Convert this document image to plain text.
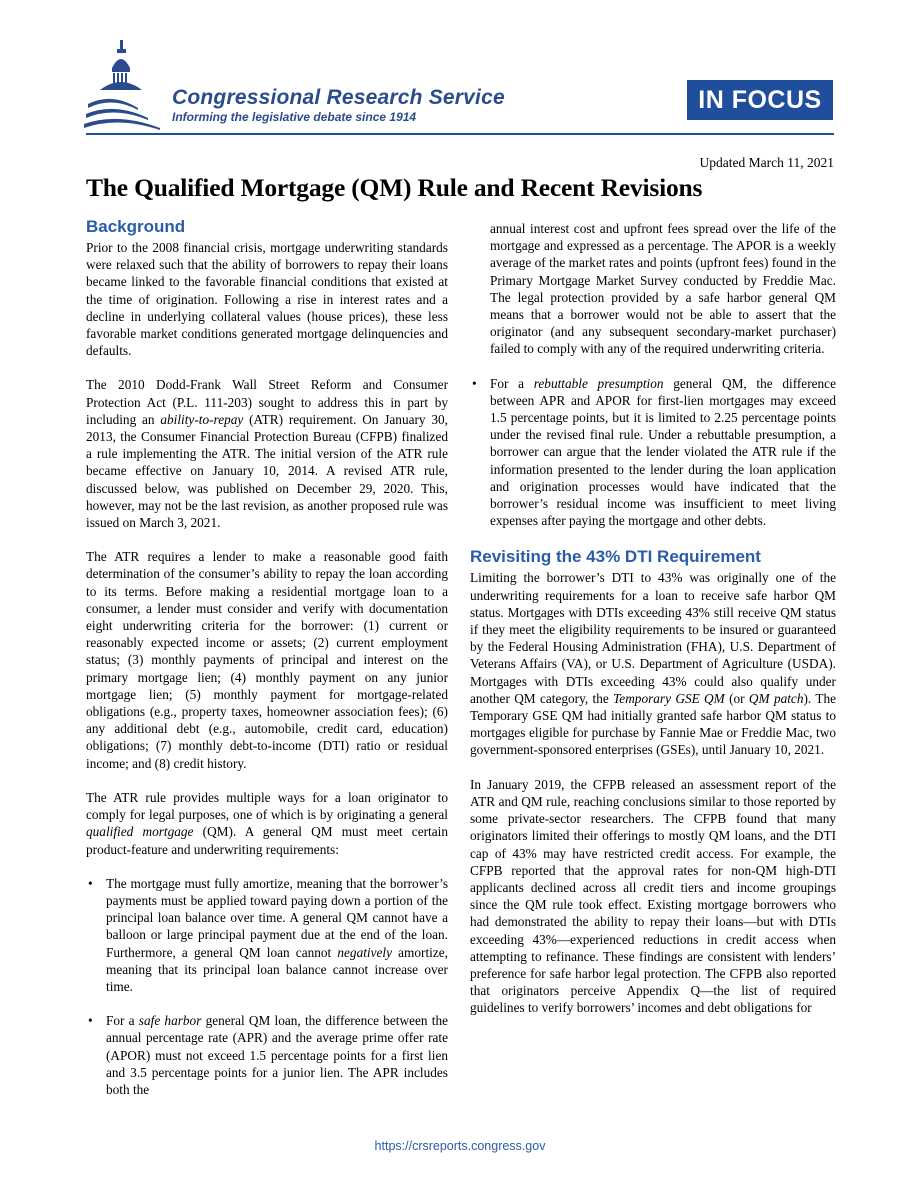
Congressional Research Service
Informing the legislative debate since 1914
IN FOCUS
Updated March 11, 2021
The Qualified Mortgage (QM) Rule and Recent Revisions
Background

Prior to the 2008 financial crisis, mortgage underwriting standards were relaxed such that the ability of borrowers to repay their loans became linked to the favorable financial conditions that existed at the time of origination. Following a rise in interest rates and a decline in underlying collateral values (house prices), these less favorable market conditions generated mortgage delinquencies and defaults.

The 2010 Dodd-Frank Wall Street Reform and Consumer Protection Act (P.L. 111-203) sought to address this in part by including an ability-to-repay (ATR) requirement. On January 30, 2013, the Consumer Financial Protection Bureau (CFPB) finalized a rule implementing the ATR. The initial version of the ATR rule became effective on January 10, 2014. A revised ATR rule, discussed below, was published on December 29, 2020. This, however, may not be the last revision, as another proposed rule was issued on March 3, 2021.

The ATR requires a lender to make a reasonable good faith determination of the consumer’s ability to repay the loan according to its terms. Before making a residential mortgage loan to a consumer, a lender must consider and verify with documentation eight underwriting criteria for the borrower: (1) current or reasonably expected income or assets; (2) current employment status; (3) monthly payments of principal and interest on the primary mortgage lien; (4) monthly payment on any junior mortgage lien; (5) monthly payment for mortgage-related obligations (e.g., property taxes, homeowner association fees); (6) any additional debt (e.g., automobile, credit card, education) obligations; (7) monthly debt-to-income (DTI) ratio or residual income; and (8) credit history.

The ATR rule provides multiple ways for a loan originator to comply for legal purposes, one of which is by originating a general qualified mortgage (QM). A general QM must meet certain product-feature and underwriting requirements:

• The mortgage must fully amortize, meaning that the borrower’s payments must be applied toward paying down a portion of the principal loan balance over time. A general QM cannot have a balloon or large principal payment due at the end of the loan. Furthermore, a general QM loan cannot negatively amortize, meaning that its principal loan balance cannot increase over time.
• For a safe harbor general QM loan, the difference between the annual percentage rate (APR) and the average prime offer rate (APOR) must not exceed 1.5 percentage points for a first lien and 3.5 percentage points for a junior lien. The APR includes both the
annual interest cost and upfront fees spread over the life of the mortgage and expressed as a percentage. The APOR is a weekly average of the market rates and points (upfront fees) found in the Primary Mortgage Market Survey conducted by Freddie Mac. The legal protection provided by a safe harbor general QM means that a borrower would not be able to assert that the originator (and any subsequent secondary-market purchaser) failed to comply with any of the required underwriting criteria.
• For a rebuttable presumption general QM, the difference between APR and APOR for first-lien mortgages may exceed 1.5 percentage points, but it is limited to 2.25 percentage points under the revised final rule. Under a rebuttable presumption, a borrower can argue that the lender violated the ATR rule if the information presented to the lender during the loan application and origination processes would have indicated that the borrower’s residual income was insufficient to meet living expenses after paying the mortgage and other debts.
Revisiting the 43% DTI Requirement

Limiting the borrower’s DTI to 43% was originally one of the underwriting requirements for a loan to receive safe harbor QM status. Mortgages with DTIs exceeding 43% still receive QM status if they meet the eligibility requirements to be insured or guaranteed by the Federal Housing Administration (FHA), U.S. Department of Veterans Affairs (VA), or U.S. Department of Agriculture (USDA). Mortgages with DTIs exceeding 43% could also qualify under another QM category, the Temporary GSE QM (or QM patch). The Temporary GSE QM had initially granted safe harbor QM status to mortgages eligible for purchase by Fannie Mae or Freddie Mac, two government-sponsored enterprises (GSEs), until January 10, 2021.

In January 2019, the CFPB released an assessment report of the ATR and QM rule, reaching conclusions similar to those reported by some private-sector researchers. The CFPB found that many originators limited their offerings to mostly QM loans, and the DTI cap of 43% may have restricted credit access. For example, the CFPB reported that the approval rates for non-QM high-DTI applicants declined across all credit tiers and income groupings since the QM rule took effect. Existing mortgage borrowers who had demonstrated the ability to repay their loans—but with DTIs exceeding 43%—experienced reductions in credit access when attempting to refinance. These findings are consistent with lenders’ preference for safe harbor legal protection. The CFPB also reported that originators perceive Appendix Q—the list of required guidelines to verify borrowers’ incomes and debt obligations for

https://crsreports.congress.gov
